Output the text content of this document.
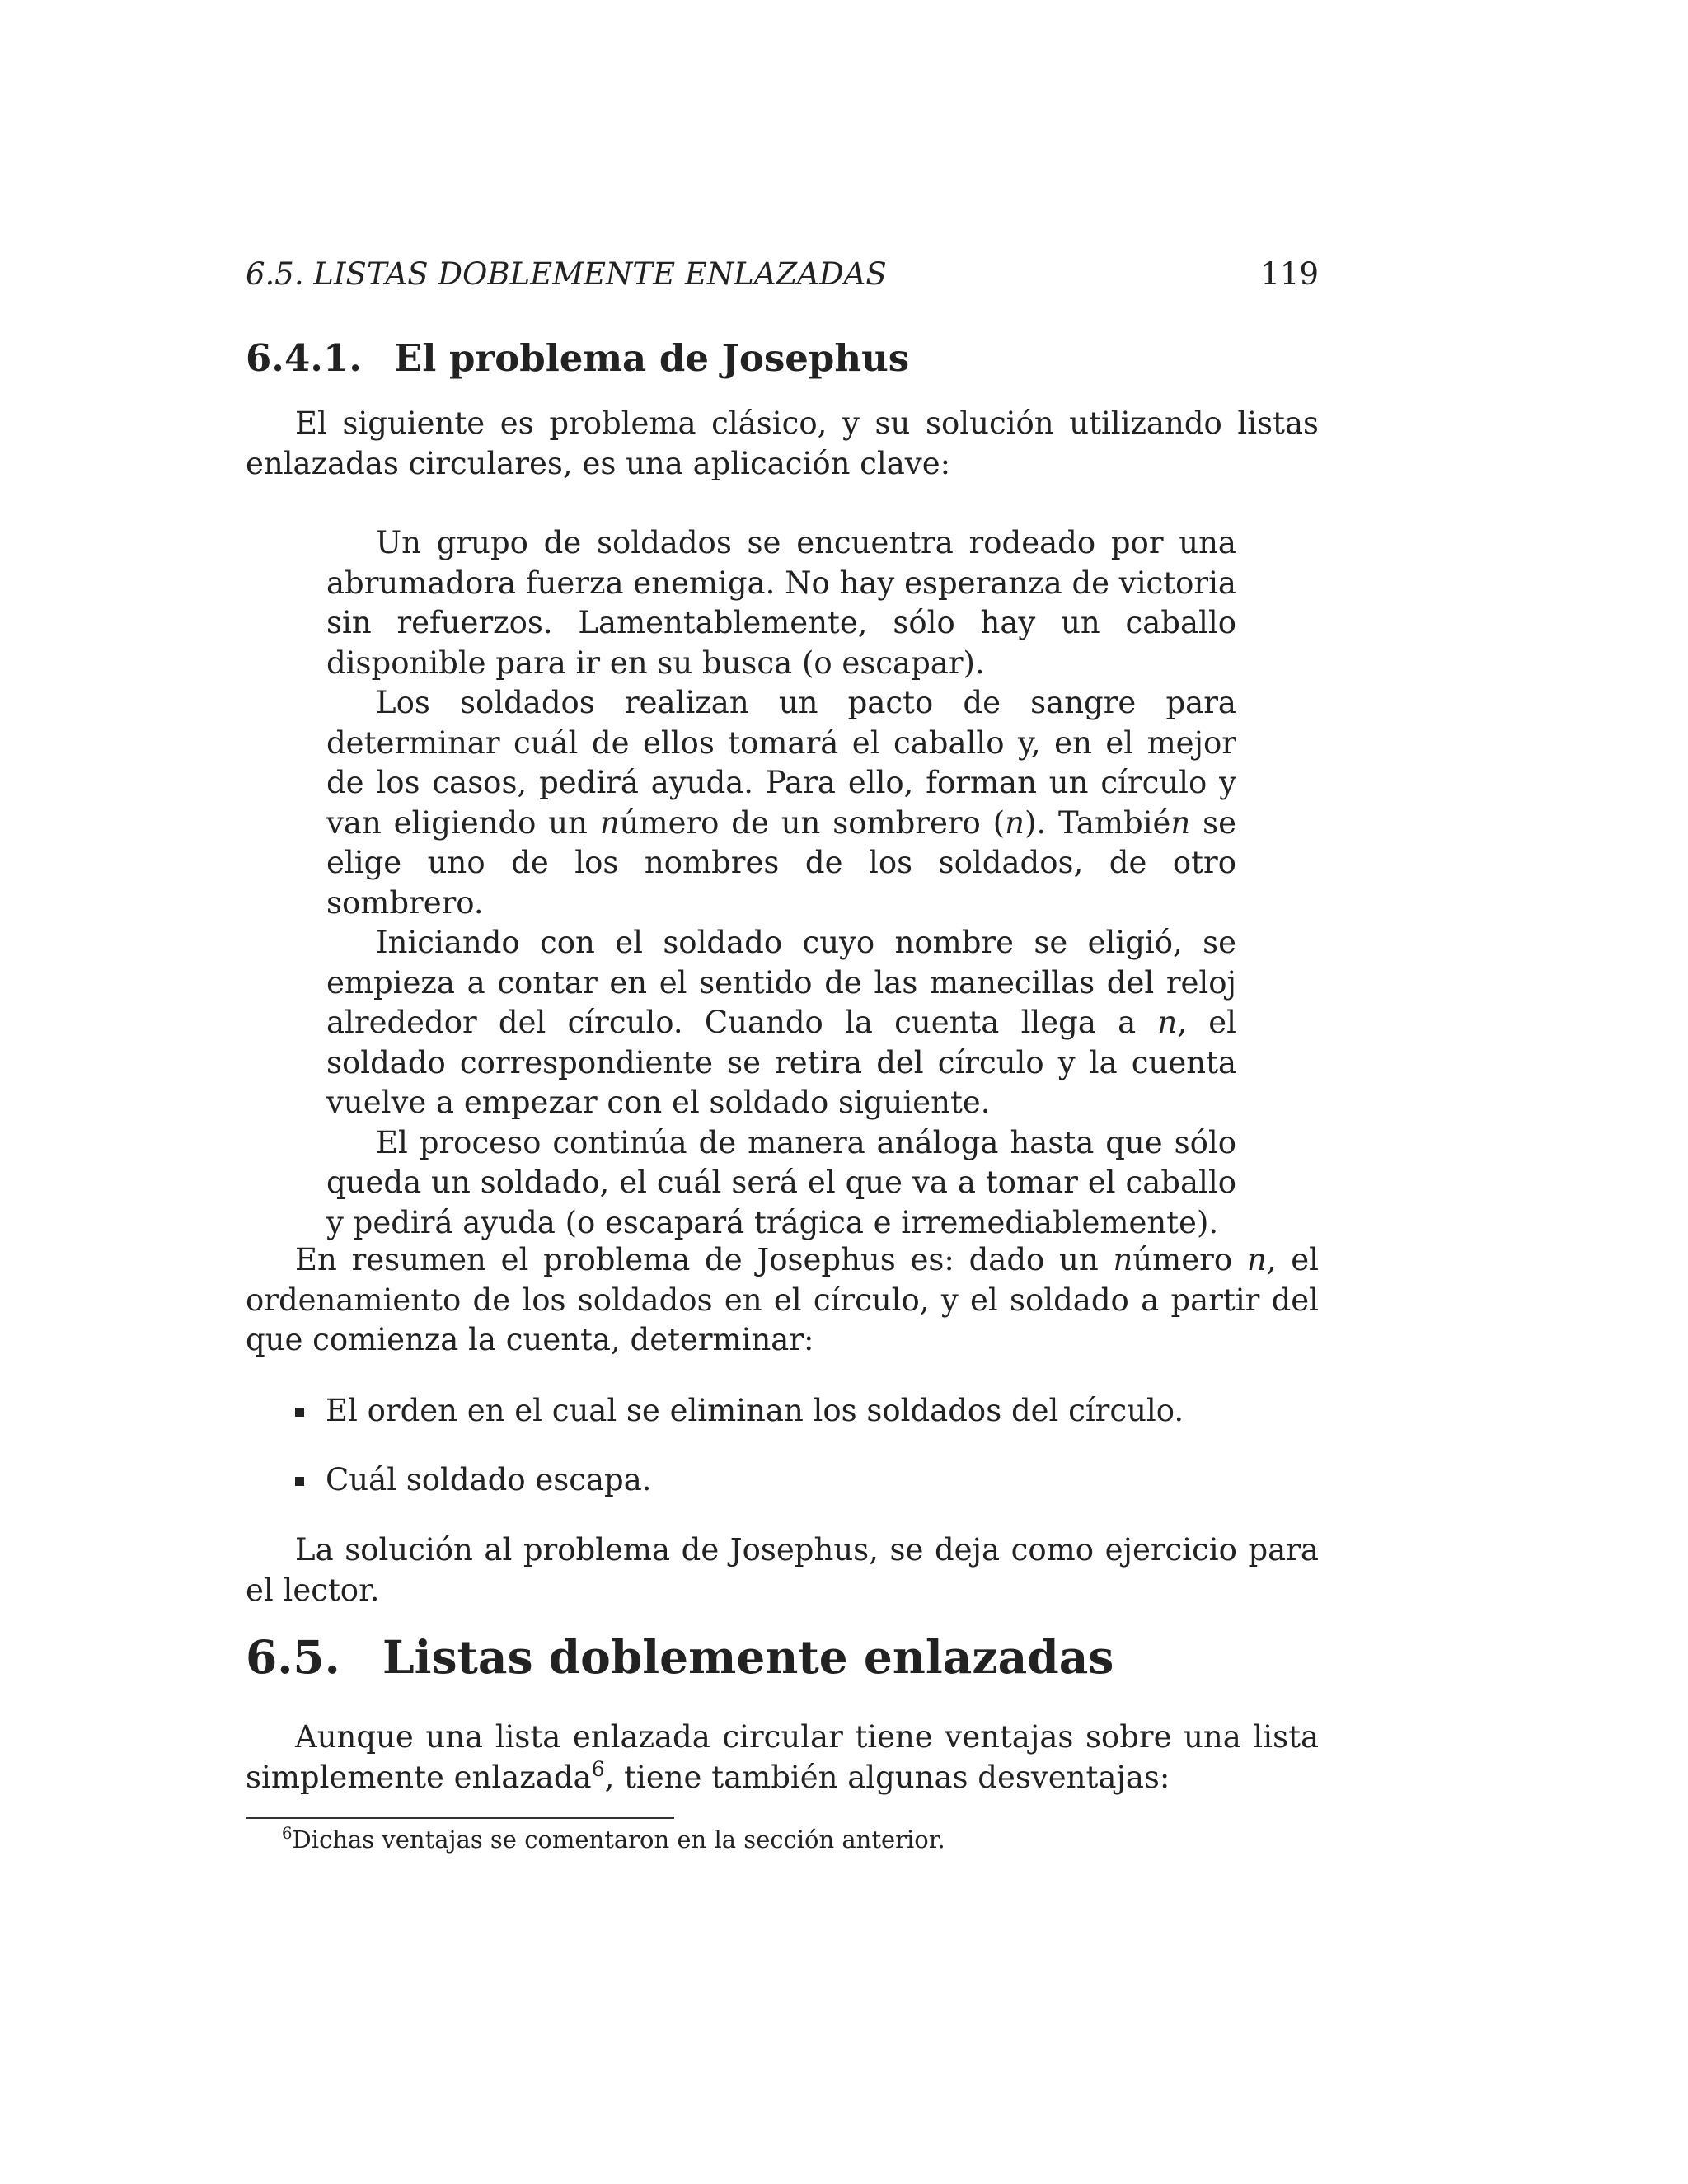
6.5. LISTAS DOBLEMENTE ENLAZADAS	119
6.4.1. El problema de Josephus

El siguiente es problema clásico, y su solución utilizando listas enlazadas circulares, es una aplicación clave:

Un grupo de soldados se encuentra rodeado por una abrumadora fuerza enemiga. No hay esperanza de victoria sin refuerzos. Lamentablemente, sólo hay un caballo disponible para ir en su busca (o escapar).

Los soldados realizan un pacto de sangre para determinar cuál de ellos tomará el caballo y, en el mejor de los casos, pedirá ayuda. Para ello, forman un círculo y van eligiendo un número de un sombrero (n). También se elige uno de los nombres de los soldados, de otro sombrero.

Iniciando con el soldado cuyo nombre se eligió, se empieza a contar en el sentido de las manecillas del reloj alrededor del círculo. Cuando la cuenta llega a n, el soldado correspondiente se retira del círculo y la cuenta vuelve a empezar con el soldado siguiente.

El proceso continúa de manera análoga hasta que sólo queda un soldado, el cuál será el que va a tomar el caballo y pedirá ayuda (o escapará trágica e irremediablemente).

En resumen el problema de Josephus es: dado un número n, el ordenamiento de los soldados en el círculo, y el soldado a partir del que comienza la cuenta, determinar:

El orden en el cual se eliminan los soldados del círculo.
Cuál soldado escapa.

La solución al problema de Josephus, se deja como ejercicio para el lector.

6.5. Listas doblemente enlazadas

Aunque una lista enlazada circular tiene ventajas sobre una lista simplemente enlazada$^6$, tiene también algunas desventajas:

$^6$Dichas ventajas se comentaron en la sección anterior.
